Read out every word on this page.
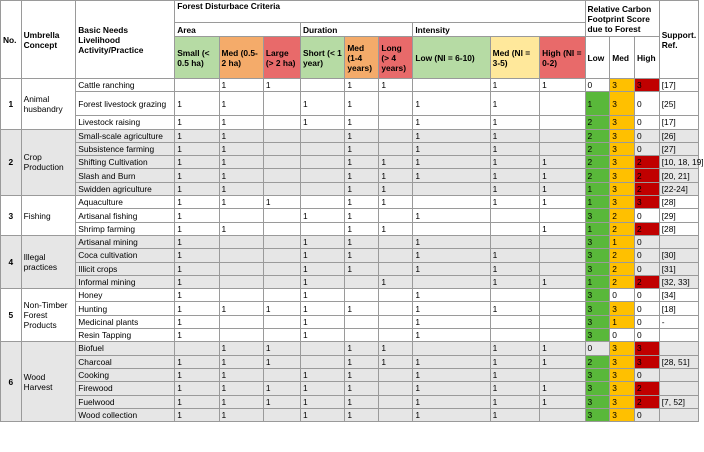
No.	Umbrella Concept	Basic Needs Livelihood Activity/Practice	Forest Disturbace Criteria									Relative Carbon Footprint Score due to Forest			Support. Ref.
			Area			Duration			Intensity						
			Small (< 0.5 ha)	Med (0.5-2 ha)	Large (> 2 ha)	Short (< 1 year)	Med (1-4 years)	Long (> 4 years)	Low (NI = 6-10)	Med (NI = 3-5)	High (NI = 0-2)	Low	Med	High	
1	Animal husbandry	Cattle ranching		1	1		1	1		1	1	0	3	3	[17]
		Forest livestock grazing	1	1		1	1		1	1		1	3	0	[25]
		Livestock raising	1	1		1	1		1	1		2	3	0	[17]
2	Crop Production	Small-scale agriculture	1	1			1		1	1		2	3	0	[26]
		Subsistence farming	1	1			1		1	1		2	3	0	[27]
		Shifting Cultivation	1	1			1	1	1	1	1	2	3	2	[10, 18, 19]
		Slash and Burn	1	1			1	1	1	1	1	2	3	2	[20, 21]
		Swidden agriculture	1	1			1	1		1	1	1	3	2	[22-24]
3	Fishing	Aquaculture	1	1	1		1	1		1	1	1	3	3	[28]
		Artisanal fishing	1			1	1		1			3	2	0	[29]
		Shrimp farming	1	1			1	1			1	1	2	2	[28]
4	Illegal practices	Artisanal mining	1			1	1		1			3	1	0	
		Coca cultivation	1			1	1		1	1		3	2	0	[30]
		Illicit crops	1			1	1		1	1		3	2	0	[31]
		Informal mining	1			1		1		1	1	1	2	2	[32, 33]
5	Non-Timber Forest Products	Honey	1			1			1			3	0	0	[34]
		Hunting	1	1	1	1	1		1	1		3	3	0	[18]
		Medicinal plants	1			1			1			3	1	0	-
		Resin Tapping	1			1			1			3	0	0	
6	Wood Harvest	Biofuel		1	1		1	1		1	1	0	3	3	
		Charcoal	1	1	1		1	1	1	1	1	2	3	3	[28, 51]
		Cooking	1	1		1	1		1	1		3	3	0	
		Firewood	1	1	1	1	1		1	1	1	3	3	2	
		Fuelwood	1	1	1	1	1		1	1	1	3	3	2	[7, 52]
		Wood collection	1	1		1	1		1	1		3	3	0	
